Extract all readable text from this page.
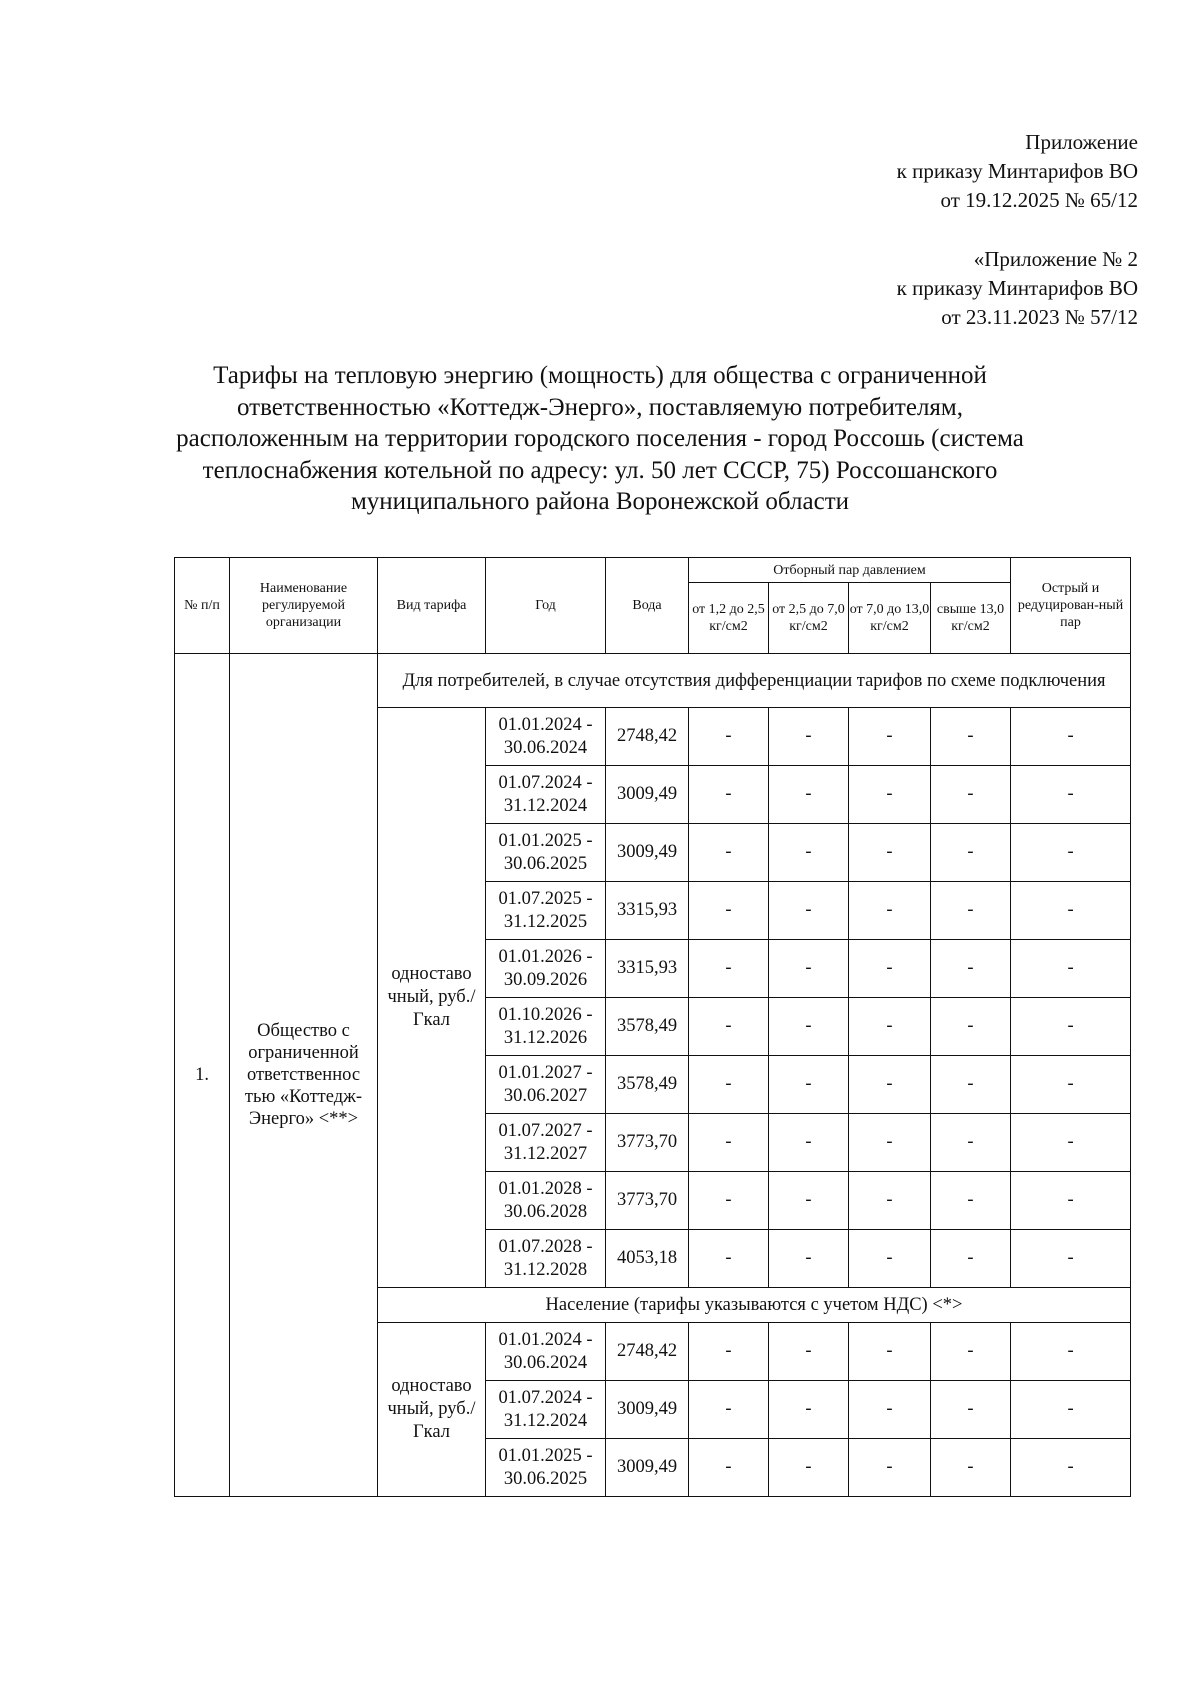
Приложение
к приказу Минтарифов ВО
от 19.12.2025 № 65/12
«Приложение № 2
к приказу Минтарифов ВО
от 23.11.2023 № 57/12
Тарифы на тепловую энергию (мощность) для общества с ограниченной
ответственностью «Коттедж-Энерго», поставляемую потребителям,
расположенным на территории городского поселения - город Россошь (система
теплоснабжения котельной по адресу: ул. 50 лет СССР, 75) Россошанского
муниципального района Воронежской области
№ п/п	Наименование регулируемой организации	Вид тарифа	Год	Вода	Отборный пар давлением				Острый и редуцирован-ный пар
					от 1,2 до 2,5 кг/см2	от 2,5 до 7,0 кг/см2	от 7,0 до 13,0 кг/см2	свыше 13,0 кг/см2	
1.	Общество с ограниченной ответственнос тью «Коттедж-Энерго» <**>	Для потребителей, в случае отсутствия дифференциации тарифов по схеме подключения							
		одноставо чный, руб./Гкал	01.01.2024 - 30.06.2024	2748,42	-	-	-	-	-
			01.07.2024 - 31.12.2024	3009,49	-	-	-	-	-
			01.01.2025 - 30.06.2025	3009,49	-	-	-	-	-
			01.07.2025 - 31.12.2025	3315,93	-	-	-	-	-
			01.01.2026 - 30.09.2026	3315,93	-	-	-	-	-
			01.10.2026 - 31.12.2026	3578,49	-	-	-	-	-
			01.01.2027 - 30.06.2027	3578,49	-	-	-	-	-
			01.07.2027 - 31.12.2027	3773,70	-	-	-	-	-
			01.01.2028 - 30.06.2028	3773,70	-	-	-	-	-
			01.07.2028 - 31.12.2028	4053,18	-	-	-	-	-
		Население (тарифы указываются с учетом НДС) <*>							
		одноставо чный, руб./Гкал	01.01.2024 - 30.06.2024	2748,42	-	-	-	-	-
			01.07.2024 - 31.12.2024	3009,49	-	-	-	-	-
			01.01.2025 - 30.06.2025	3009,49	-	-	-	-	-
